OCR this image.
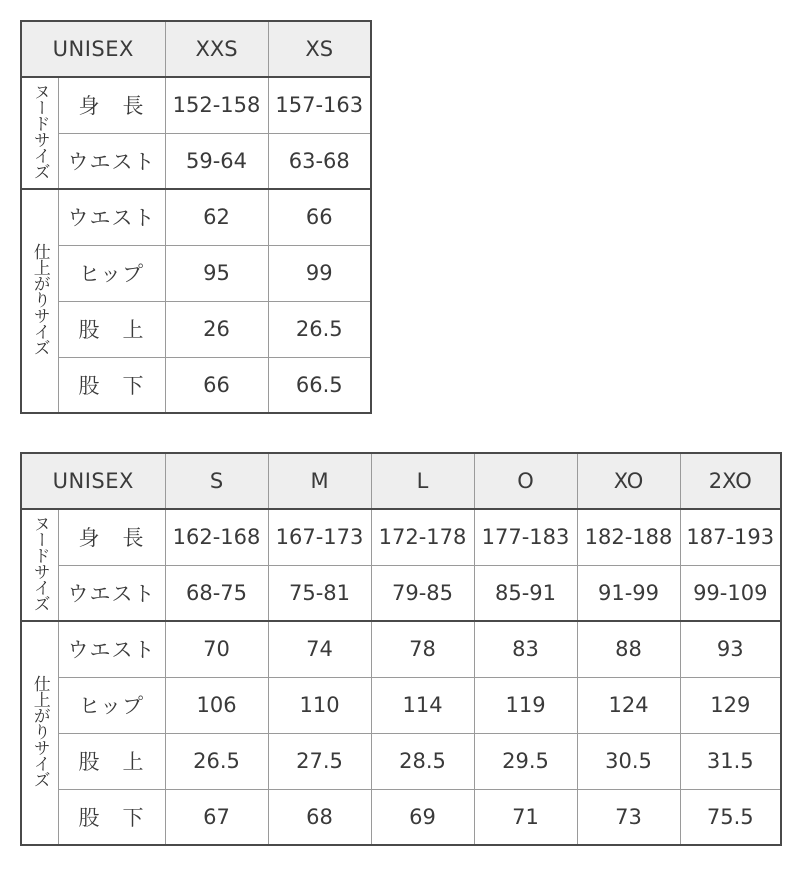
UNISEX		XXS	XS
ヌードサイズ	身　長	152-158	157-163
	ウエスト	59-64	63-68
仕上がりサイズ	ウエスト	62	66
	ヒップ	95	99
	股　上	26	26.5
	股　下	66	66.5
UNISEX		S	M	L	O	XO	2XO
ヌードサイズ	身　長	162-168	167-173	172-178	177-183	182-188	187-193
	ウエスト	68-75	75-81	79-85	85-91	91-99	99-109
仕上がりサイズ	ウエスト	70	74	78	83	88	93
	ヒップ	106	110	114	119	124	129
	股　上	26.5	27.5	28.5	29.5	30.5	31.5
	股　下	67	68	69	71	73	75.5
